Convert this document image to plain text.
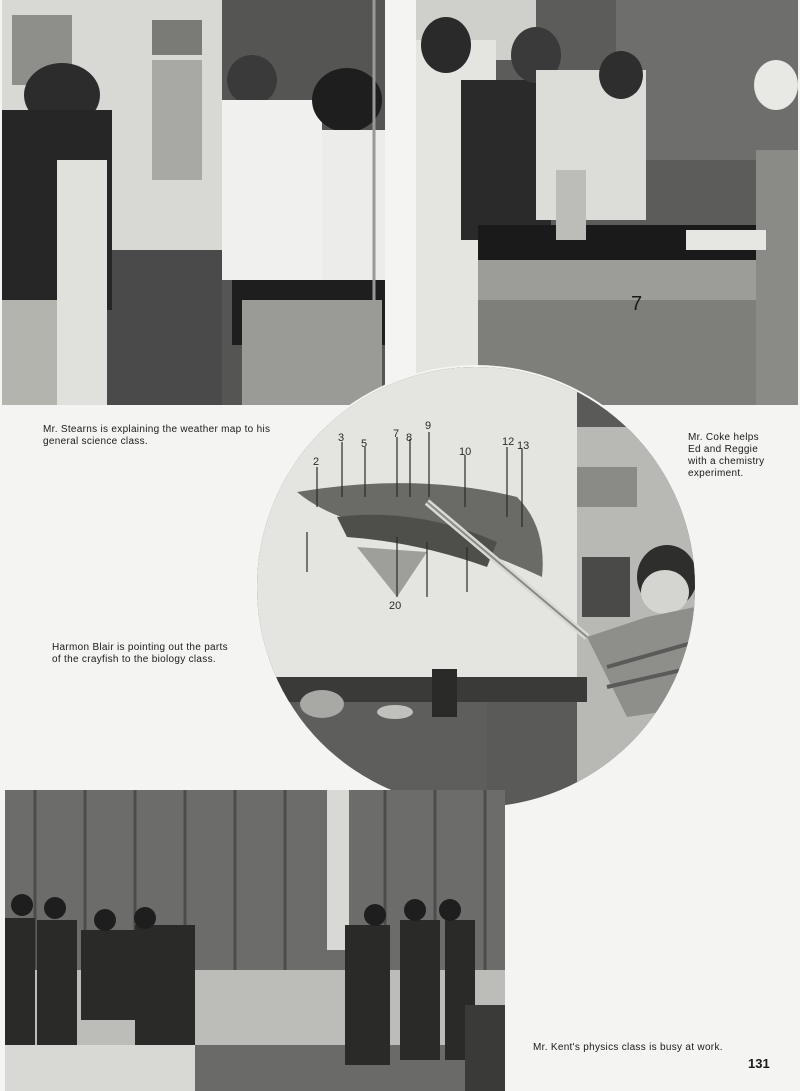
7
2
3 5
7 8
9
10
12 13
20
Mr. Stearns is explaining the weather map to his general science class.	Mr. Coke helps Ed and Reggie with a chemistry experiment.
Harmon Blair is pointing out the parts of the crayfish to the biology class.
Mr. Kent's physics class is busy at work.
131
